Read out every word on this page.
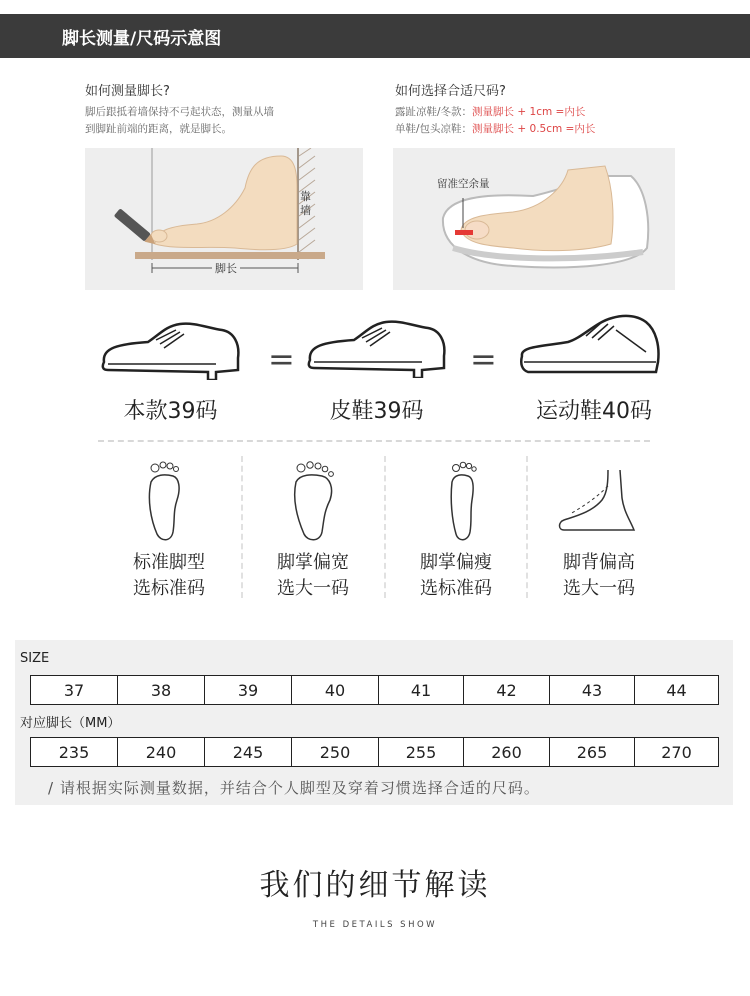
脚长测量/尺码示意图
如何测量脚长?
脚后跟抵着墙保持不弓起状态，测量从墙
到脚趾前端的距离，就是脚长。
靠墙
脚长
如何选择合适尺码?
露趾凉鞋/冬款：测量脚长 + 1cm =内长
单鞋/包头凉鞋：测量脚长 + 0.5cm =内长
留准空余量
=	=
本款39码	皮鞋39码	运动鞋40码
标准脚型
选标准码
脚掌偏宽
选大一码
脚掌偏瘦
选标准码
脚背偏高
选大一码
SIZE
37	38	39	40	41	42	43	44
对应脚长（MM）
235	240	245	250	255	260	265	270
/ 请根据实际测量数据，并结合个人脚型及穿着习惯选择合适的尺码。
我们的细节解读
THE DETAILS SHOW
